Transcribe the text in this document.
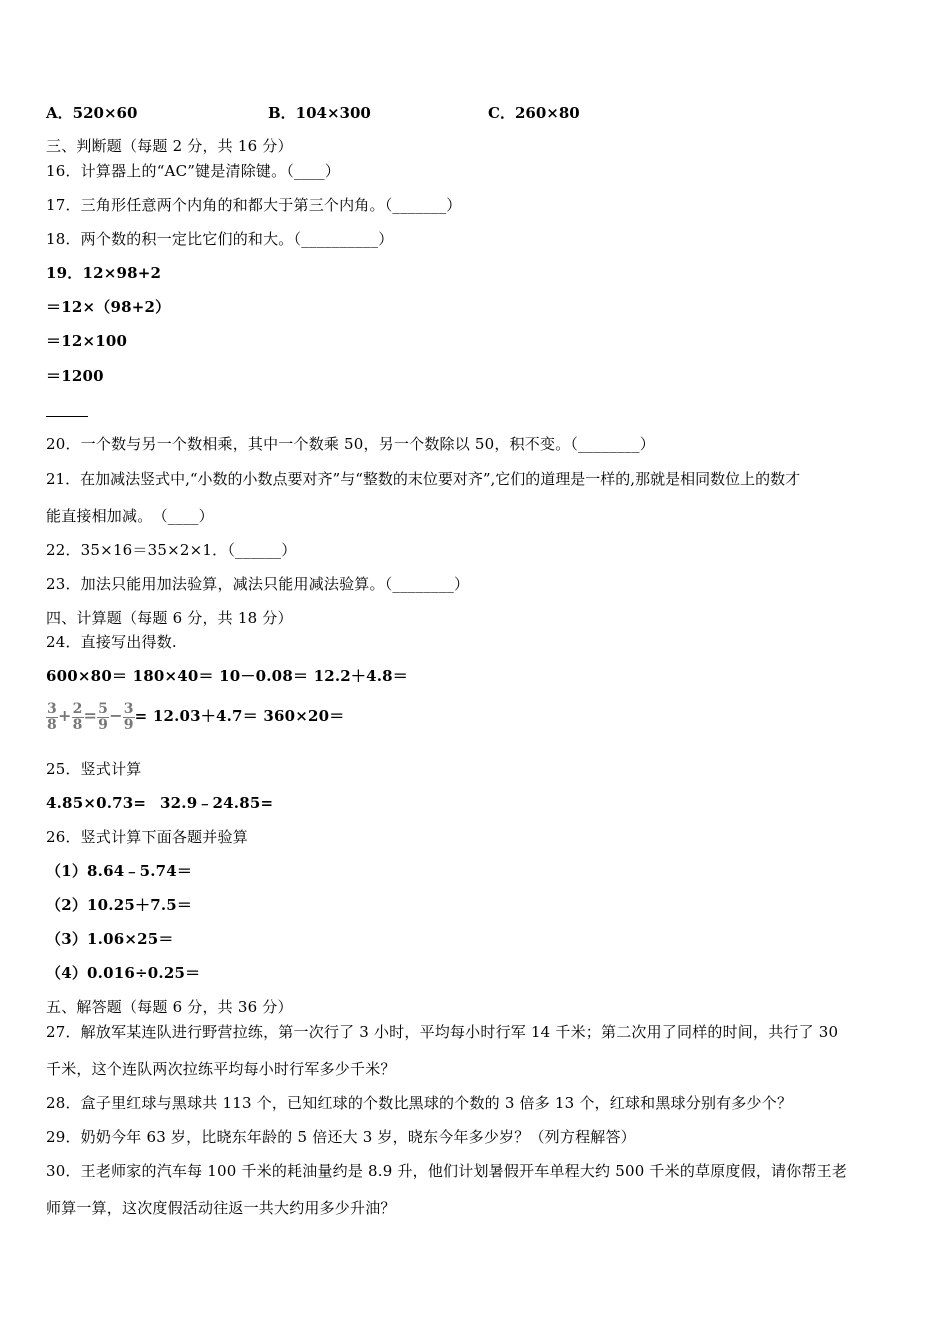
A．520×60	B．104×300	C．260×80
三、判断题（每题 2 分，共 16 分）
16．计算器上的“AC”键是清除键。（____）
17．三角形任意两个内角的和都大于第三个内角。（_______）
18．两个数的积一定比它们的和大。（__________）
19．12×98+2
＝12×（98+2）
＝12×100
＝1200
20．一个数与另一个数相乘，其中一个数乘 50，另一个数除以 50，积不变。（________）
21．在加减法竖式中,“小数的小数点要对齐”与“整数的末位要对齐”,它们的道理是一样的,那就是相同数位上的数才
能直接相加减。　（____）
22．35×16＝35×2×1．（______）
23．加法只能用加法验算，减法只能用减法验算。（________）
四、计算题（每题 6 分，共 18 分）
24．直接写出得数.
600×80＝ 180×40＝ 10－0.08＝ 12.2＋4.8＝
$\frac{3}{8} + \frac{2}{8} = \frac{5}{9} - \frac{3}{9} = 12.03+4.7= 360\times 20=$
25．竖式计算
4.85×0.73= 32.9﹣24.85=
26．竖式计算下面各题并验算
（1）8.64﹣5.74＝
（2）10.25＋7.5＝
（3）1.06×25＝
（4）0.016÷0.25＝
五、解答题（每题 6 分，共 36 分）
27．解放军某连队进行野营拉练，第一次行了 3 小时，平均每小时行军 14 千米；第二次用了同样的时间，共行了 30
千米，这个连队两次拉练平均每小时行军多少千米？
28．盒子里红球与黑球共 113 个，已知红球的个数比黑球的个数的 3 倍多 13 个，红球和黑球分别有多少个？
29．奶奶今年 63 岁，比晓东年龄的 5 倍还大 3 岁，晓东今年多少岁？（列方程解答）
30．王老师家的汽车每 100 千米的耗油量约是 8.9 升，他们计划暑假开车单程大约 500 千米的草原度假，请你帮王老
师算一算，这次度假活动往返一共大约用多少升油？
